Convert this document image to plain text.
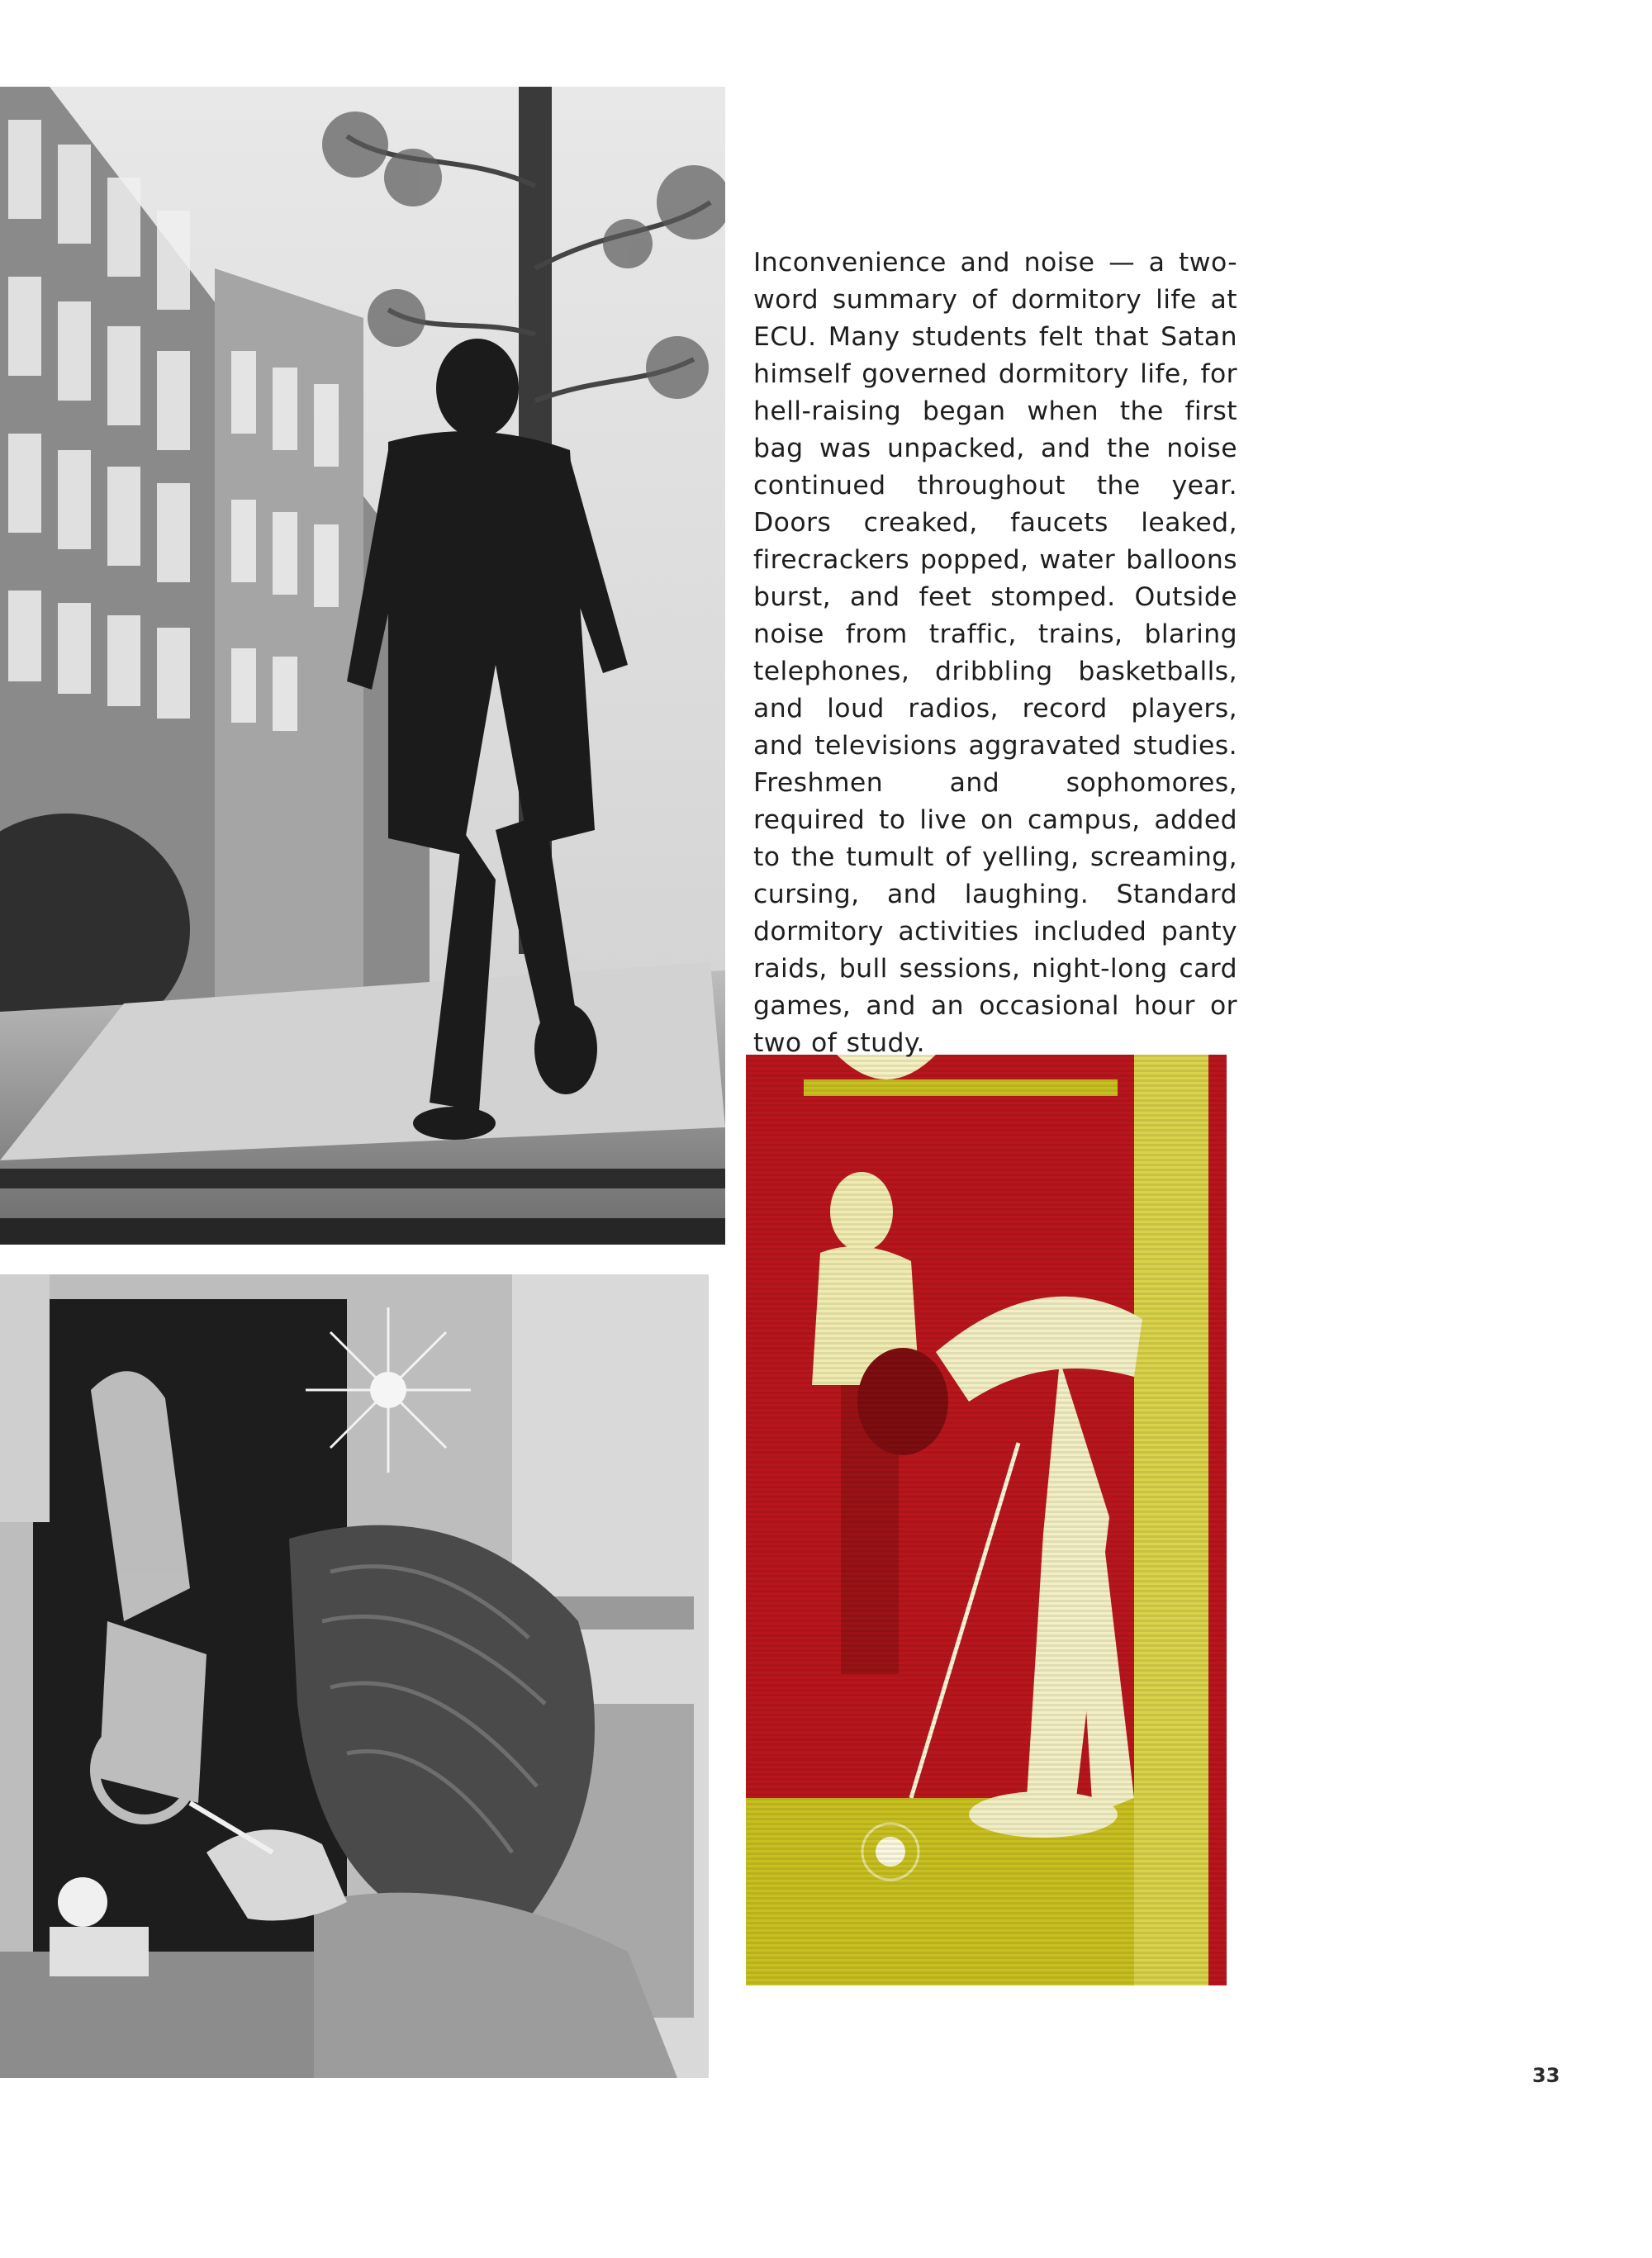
Inconvenience and noise — a two-word summary of dormitory life at ECU. Many students felt that Satan himself governed dormitory life, for hell-raising began when the first bag was unpacked, and the noise continued throughout the year. Doors creaked, faucets leaked, firecrackers popped, water balloons burst, and feet stomped. Outside noise from traffic, trains, blaring telephones, dribbling basketballs, and loud radios, record players, and televisions aggravated studies. Freshmen and sophomores, required to live on campus, added to the tumult of yelling, screaming, cursing, and laughing. Standard dormitory activities included panty raids, bull sessions, night-long card games, and an occasional hour or two of study.

33
